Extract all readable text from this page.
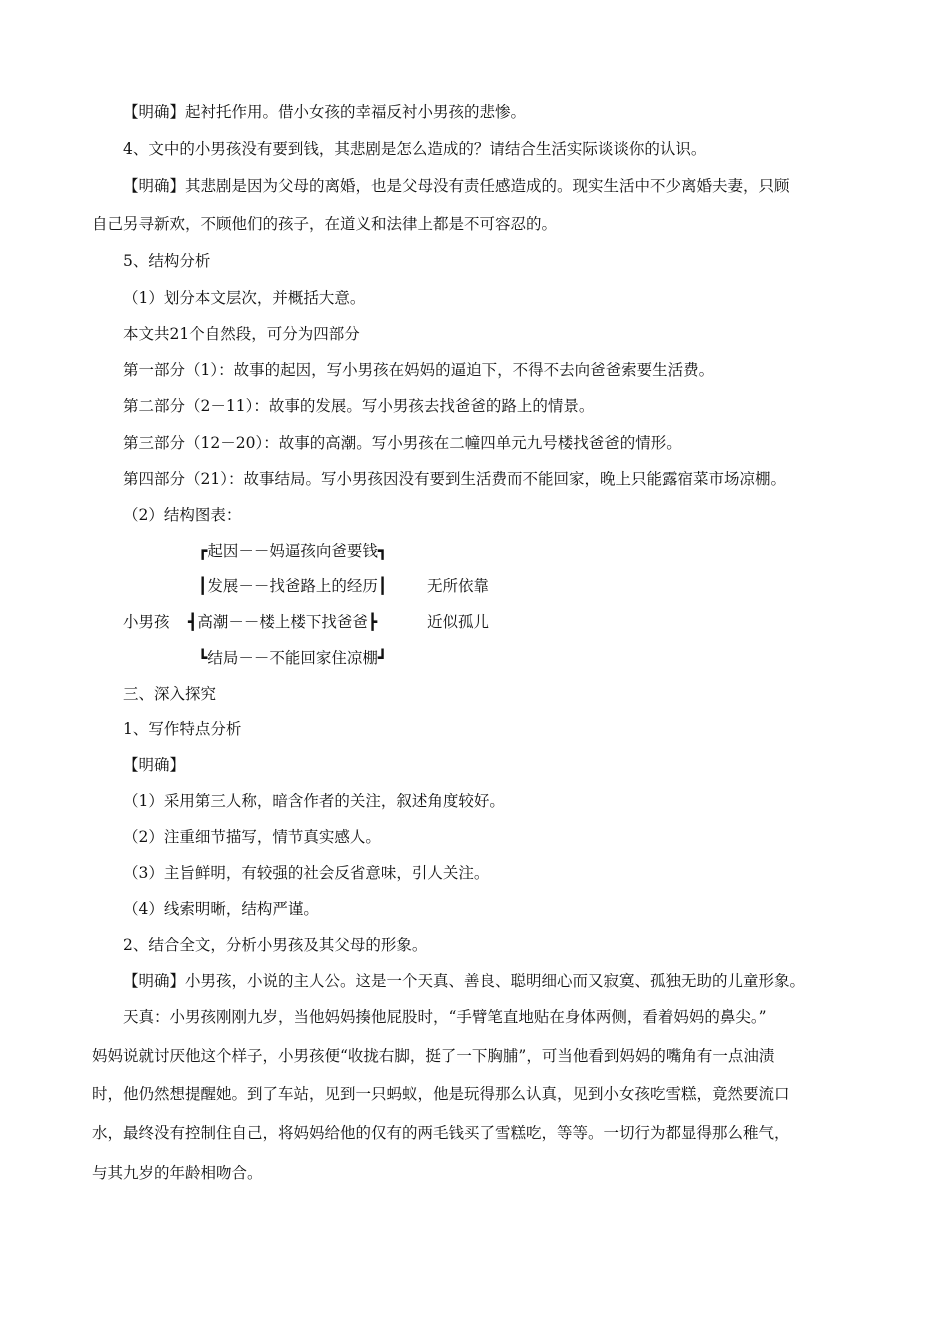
【明确】起衬托作用。借小女孩的幸福反衬小男孩的悲惨。
4、文中的小男孩没有要到钱，其悲剧是怎么造成的？请结合生活实际谈谈你的认识。
【明确】其悲剧是因为父母的离婚，也是父母没有责任感造成的。现实生活中不少离婚夫妻，只顾
自己另寻新欢，不顾他们的孩子，在道义和法律上都是不可容忍的。
5、结构分析
（1）划分本文层次，并概括大意。
本文共21个自然段，可分为四部分
第一部分（1）：故事的起因，写小男孩在妈妈的逼迫下，不得不去向爸爸索要生活费。
第二部分（2－11）：故事的发展。写小男孩去找爸爸的路上的情景。
第三部分（12－20）：故事的高潮。写小男孩在二幢四单元九号楼找爸爸的情形。
第四部分（21）：故事结局。写小男孩因没有要到生活费而不能回家，晚上只能露宿菜市场凉棚。
（2）结构图表：
┏起因－－妈逼孩向爸要钱┓
┃发展－－找爸路上的经历┃	无所依靠
小男孩 ┫高潮－－楼上楼下找爸爸┣	近似孤儿
┗结局－－不能回家住凉棚┛
三、深入探究
1、写作特点分析
【明确】
（1）采用第三人称，暗含作者的关注，叙述角度较好。
（2）注重细节描写，情节真实感人。
（3）主旨鲜明，有较强的社会反省意味，引人关注。
（4）线索明晰，结构严谨。
2、结合全文，分析小男孩及其父母的形象。
【明确】小男孩，小说的主人公。这是一个天真、善良、聪明细心而又寂寞、孤独无助的儿童形象。
天真：小男孩刚刚九岁，当他妈妈揍他屁股时，“手臂笔直地贴在身体两侧，看着妈妈的鼻尖。”
妈妈说就讨厌他这个样子，小男孩便“收拢右脚，挺了一下胸脯”，可当他看到妈妈的嘴角有一点油渍
时，他仍然想提醒她。到了车站，见到一只蚂蚁，他是玩得那么认真，见到小女孩吃雪糕，竟然要流口
水，最终没有控制住自己，将妈妈给他的仅有的两毛钱买了雪糕吃，等等。一切行为都显得那么稚气，
与其九岁的年龄相吻合。
